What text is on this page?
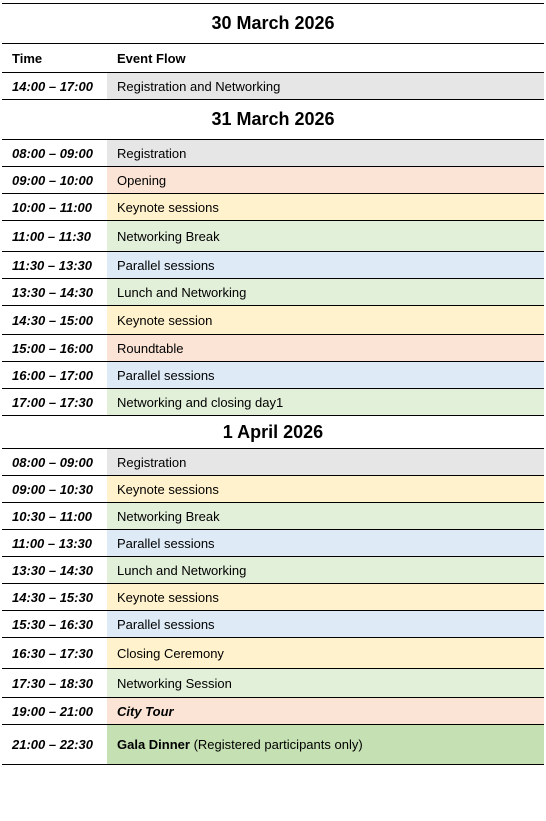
30 March 2026
Time	Event Flow
14:00 – 17:00	Registration and Networking
31 March 2026
08:00 – 09:00	Registration
09:00 – 10:00	Opening
10:00 – 11:00	Keynote sessions
11:00 – 11:30	Networking Break
11:30 – 13:30	Parallel sessions
13:30 – 14:30	Lunch and Networking
14:30 – 15:00	Keynote session
15:00 – 16:00	Roundtable
16:00 – 17:00	Parallel sessions
17:00 – 17:30	Networking and closing day1
1 April 2026
08:00 – 09:00	Registration
09:00 – 10:30	Keynote sessions
10:30 – 11:00	Networking Break
11:00 – 13:30	Parallel sessions
13:30 – 14:30	Lunch and Networking
14:30 – 15:30	Keynote sessions
15:30 – 16:30	Parallel sessions
16:30 – 17:30	Closing Ceremony
17:30 – 18:30	Networking Session
19:00 – 21:00	City Tour
21:00 – 22:30	Gala Dinner (Registered participants only)
